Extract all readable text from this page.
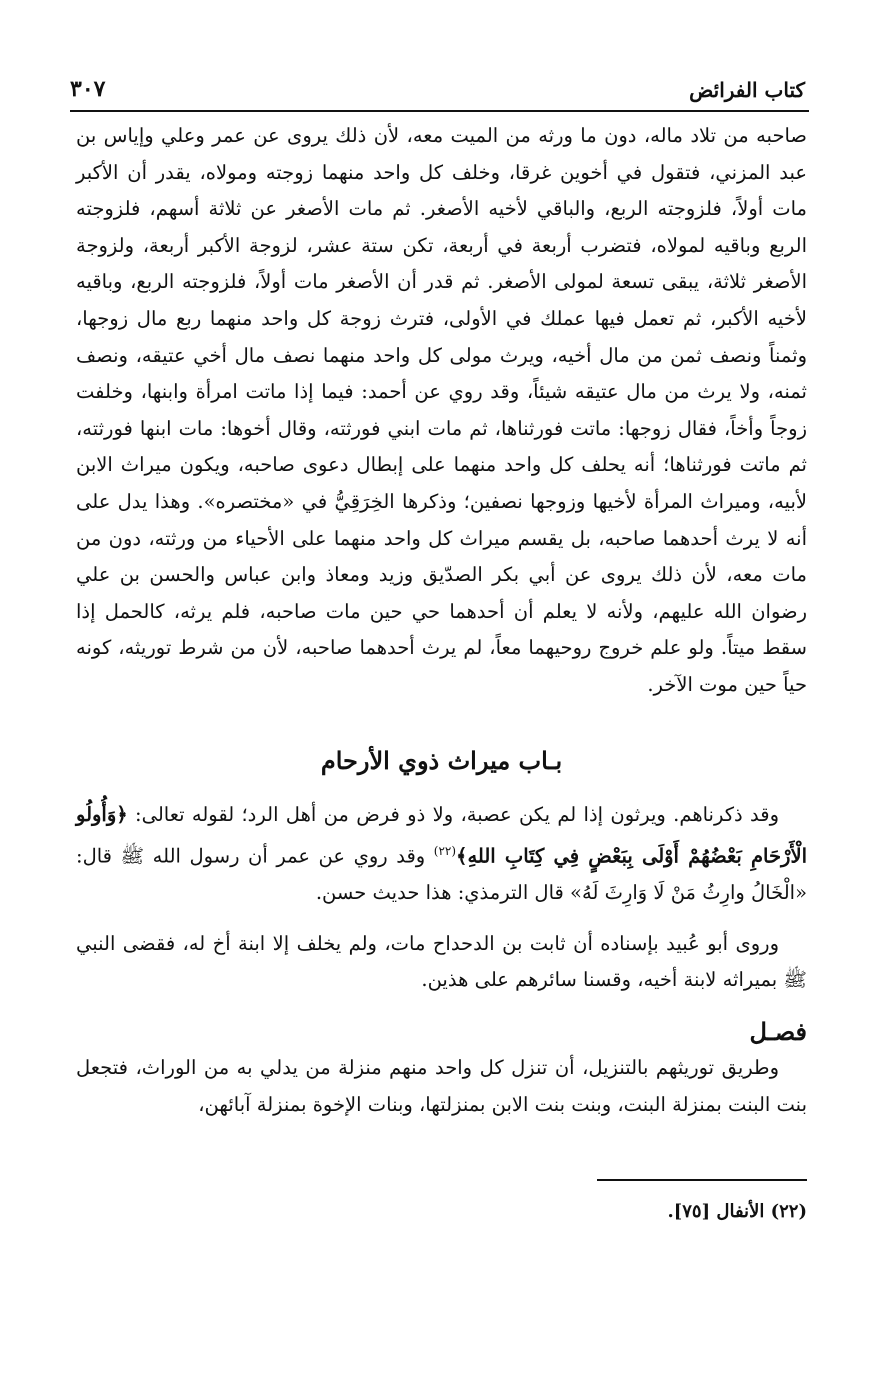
كتاب الفرائض
٣٠٧

صاحبه من تلاد ماله، دون ما ورثه من الميت معه، لأن ذلك يروى عن عمر وعلي وإياس بن عبد المزني، فتقول في أخوين غرقا، وخلف كل واحد منهما زوجته ومولاه، يقدر أن الأكبر مات أولاً، فلزوجته الربع، والباقي لأخيه الأصغر. ثم مات الأصغر عن ثلاثة أسهم، فلزوجته الربع وباقيه لمولاه، فتضرب أربعة في أربعة، تكن ستة عشر، لزوجة الأكبر أربعة، ولزوجة الأصغر ثلاثة، يبقى تسعة لمولى الأصغر. ثم قدر أن الأصغر مات أولاً، فلزوجته الربع، وباقيه لأخيه الأكبر، ثم تعمل فيها عملك في الأولى، فترث زوجة كل واحد منهما ربع مال زوجها، وثمناً ونصف ثمن من مال أخيه، ويرث مولى كل واحد منهما نصف مال أخي عتيقه، ونصف ثمنه، ولا يرث من مال عتيقه شيئاً، وقد روي عن أحمد: فيما إذا ماتت امرأة وابنها، وخلفت زوجاً وأخاً، فقال زوجها: ماتت فورثناها، ثم مات ابني فورثته، وقال أخوها: مات ابنها فورثته، ثم ماتت فورثناها؛ أنه يحلف كل واحد منهما على إبطال دعوى صاحبه، ويكون ميراث الابن لأبيه، وميراث المرأة لأخيها وزوجها نصفين؛ وذكرها الخِرَقِيُّ في «مختصره». وهذا يدل على أنه لا يرث أحدهما صاحبه، بل يقسم ميراث كل واحد منهما على الأحياء من ورثته، دون من مات معه، لأن ذلك يروى عن أبي بكر الصدّيق وزيد ومعاذ وابن عباس والحسن بن علي رضوان الله عليهم، ولأنه لا يعلم أن أحدهما حي حين مات صاحبه، فلم يرثه، كالحمل إذا سقط ميتاً. ولو علم خروج روحيهما معاً، لم يرث أحدهما صاحبه، لأن من شرط توريثه، كونه حياً حين موت الآخر.

بـاب ميراث ذوي الأرحام

وقد ذكرناهم. ويرثون إذا لم يكن عصبة، ولا ذو فرض من أهل الرد؛ لقوله تعالى: ﴿وَأُولُو الْأَرْحَامِ بَعْضُهُمْ أَوْلَى بِبَعْضٍ فِي كِتَابِ اللهِ﴾$^{(٢٢)}$ وقد روي عن عمر أن رسول الله ﷺ قال: «الْخَالُ وارِثُ مَنْ لَا وَارِثَ لَهُ» قال الترمذي: هذا حديث حسن.

وروى أبو عُبيد بإسناده أن ثابت بن الدحداح مات، ولم يخلف إلا ابنة أخ له، فقضى النبي ﷺ بميراثه لابنة أخيه، وقسنا سائرهم على هذين.

فصـل

وطريق توريثهم بالتنزيل، أن تنزل كل واحد منهم منزلة من يدلي به من الوراث، فتجعل بنت البنت بمنزلة البنت، وبنت بنت الابن بمنزلتها، وبنات الإخوة بمنزلة آبائهن،

(٢٢) الأنفال [٧٥].
